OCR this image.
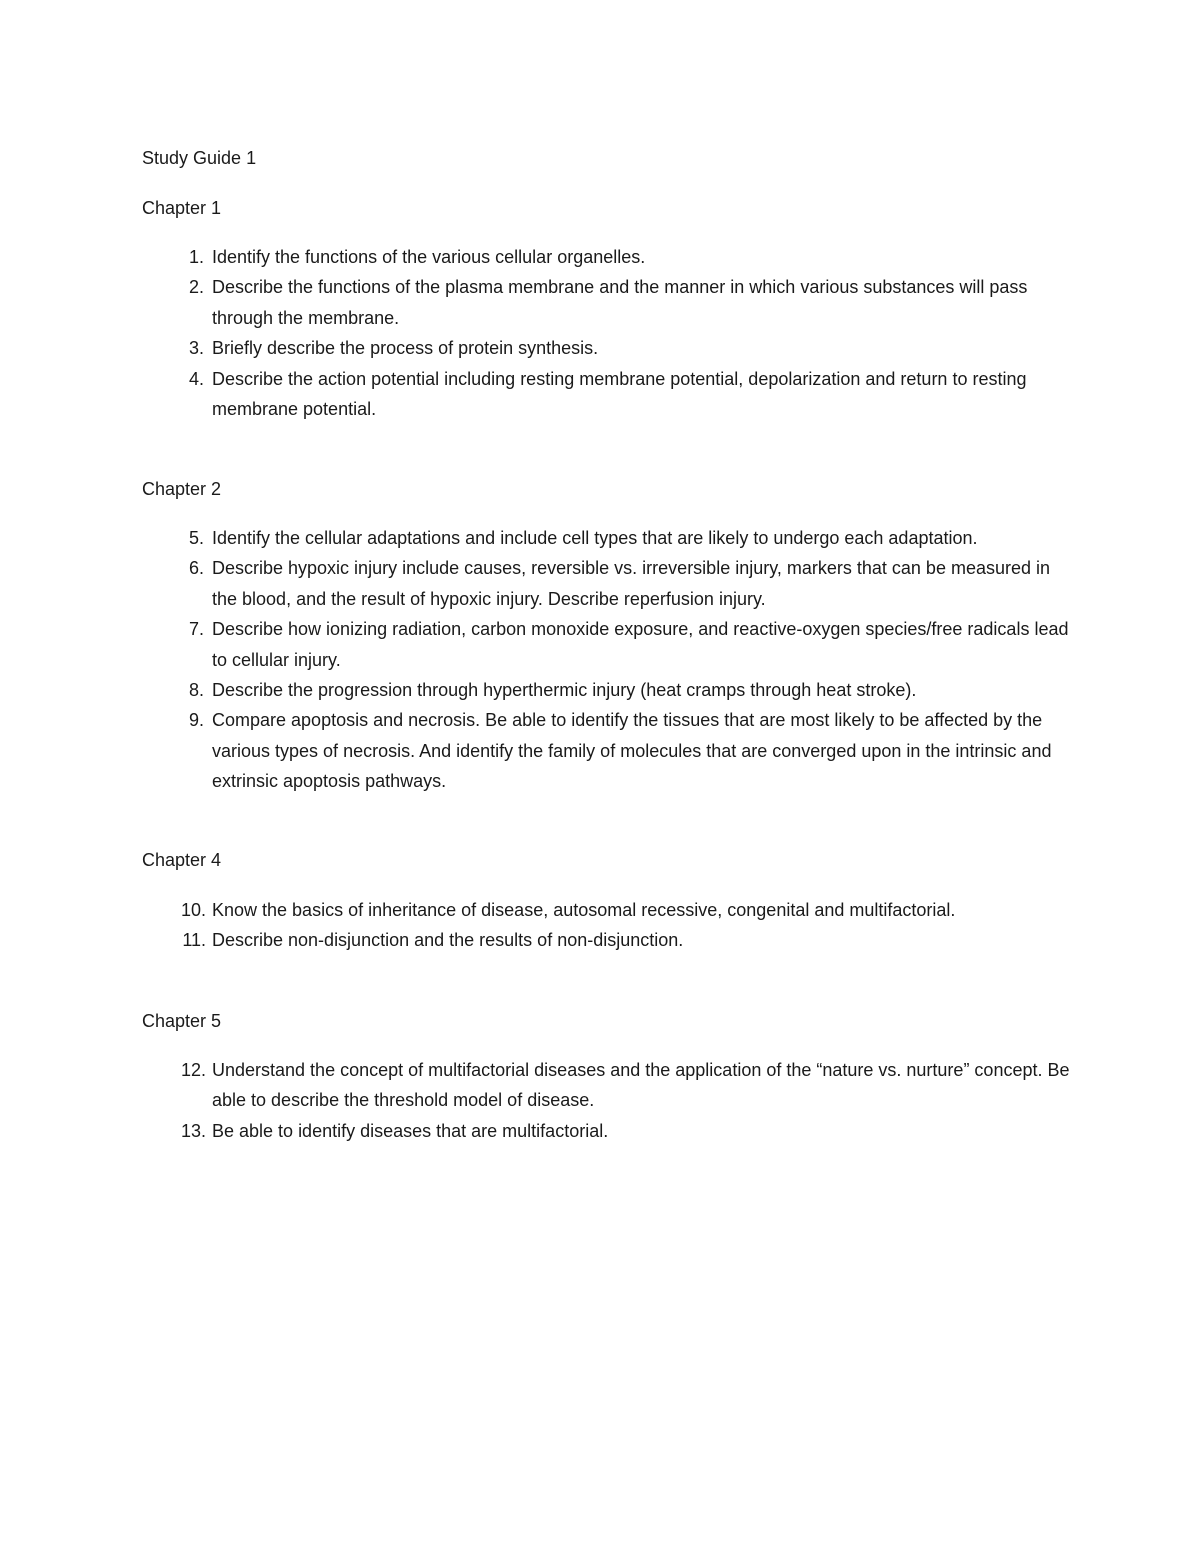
Study Guide 1
Chapter 1
1. Identify the functions of the various cellular organelles.
2. Describe the functions of the plasma membrane and the manner in which various substances will pass through the membrane.
3. Briefly describe the process of protein synthesis.
4. Describe the action potential including resting membrane potential, depolarization and return to resting membrane potential.
Chapter 2
5. Identify the cellular adaptations and include cell types that are likely to undergo each adaptation.
6. Describe hypoxic injury include causes, reversible vs. irreversible injury, markers that can be measured in the blood, and the result of hypoxic injury. Describe reperfusion injury.
7. Describe how ionizing radiation, carbon monoxide exposure, and reactive-oxygen species/free radicals lead to cellular injury.
8. Describe the progression through hyperthermic injury (heat cramps through heat stroke).
9. Compare apoptosis and necrosis. Be able to identify the tissues that are most likely to be affected by the various types of necrosis. And identify the family of molecules that are converged upon in the intrinsic and extrinsic apoptosis pathways.
Chapter 4
10. Know the basics of inheritance of disease, autosomal recessive, congenital and multifactorial.
11. Describe non-disjunction and the results of non-disjunction.
Chapter 5
12. Understand the concept of multifactorial diseases and the application of the “nature vs. nurture” concept. Be able to describe the threshold model of disease.
13. Be able to identify diseases that are multifactorial.
